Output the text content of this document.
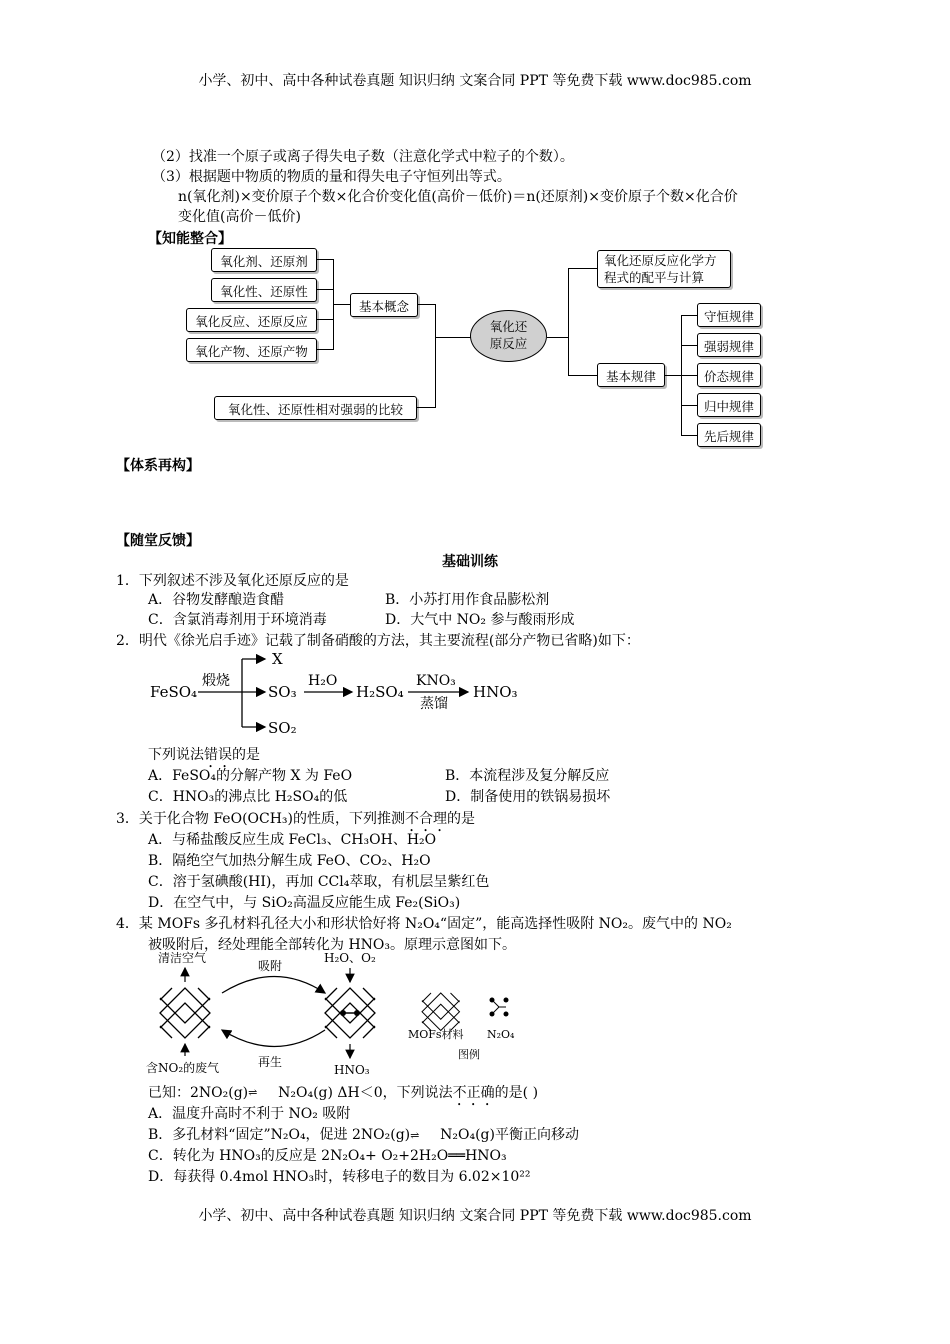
小学、初中、高中各种试卷真题 知识归纳 文案合同 PPT 等免费下载 www.doc985.com
（2）找准一个原子或离子得失电子数（注意化学式中粒子的个数）。
（3）根据题中物质的物质的量和得失电子守恒列出等式。
n(氧化剂)×变价原子个数×化合价变化值(高价－低价)＝n(还原剂)×变价原子个数×化合价
变化值(高价－低价)
【知能整合】
氧化剂、还原剂
氧化性、还原性
氧化反应、还原反应
氧化产物、还原产物
氧化性、还原性相对强弱的比较
基本概念
氧化还
原反应
氧化还原反应化学方
程式的配平与计算
基本规律
守恒规律
强弱规律
价态规律
归中规律
先后规律
【体系再构】
【随堂反馈】
基础训练
1．下列叙述不涉及氧化还原反应的是
A．谷物发酵酿造食醋	B．小苏打用作食品膨松剂
C．含氯消毒剂用于环境消毒	D．大气中 NO₂ 参与酸雨形成
2．明代《徐光启手迹》记载了制备硝酸的方法，其主要流程(部分产物已省略)如下：
FeSO₄
煅烧
X
SO₃
SO₂
H₂O
H₂SO₄
KNO₃
蒸馏
HNO₃
下列说法错误的是
A．FeSO₄的分解产物 X 为 FeO	B．本流程涉及复分解反应
C．HNO₃的沸点比 H₂SO₄的低	D．制备使用的铁锅易损坏
3．关于化合物 FeO(OCH₃)的性质，下列推测不合理的是
A．与稀盐酸反应生成 FeCl₃、CH₃OH、H₂O
B．隔绝空气加热分解生成 FeO、CO₂、H₂O
C．溶于氢碘酸(HI)，再加 CCl₄萃取，有机层呈紫红色
D．在空气中，与 SiO₂高温反应能生成 Fe₂(SiO₃)
4．某 MOFs 多孔材料孔径大小和形状恰好将 N₂O₄“固定”，能高选择性吸附 NO₂。废气中的 NO₂
被吸附后，经处理能全部转化为 HNO₃。原理示意图如下。
清洁空气
含NO₂的废气
吸附
再生
H₂O、O₂
HNO₃
MOFs材料 N₂O₄
图例
已知：2NO₂(g)⇌ N₂O₄(g) ΔH＜0，下列说法不正确的是( )
A．温度升高时不利于 NO₂ 吸附
B．多孔材料“固定”N₂O₄，促进 2NO₂(g)⇌ N₂O₄(g)平衡正向移动
C．转化为 HNO₃的反应是 2N₂O₄+ O₂+2H₂O══HNO₃
D．每获得 0.4mol HNO₃时，转移电子的数目为 6.02×10²²
小学、初中、高中各种试卷真题 知识归纳 文案合同 PPT 等免费下载 www.doc985.com
